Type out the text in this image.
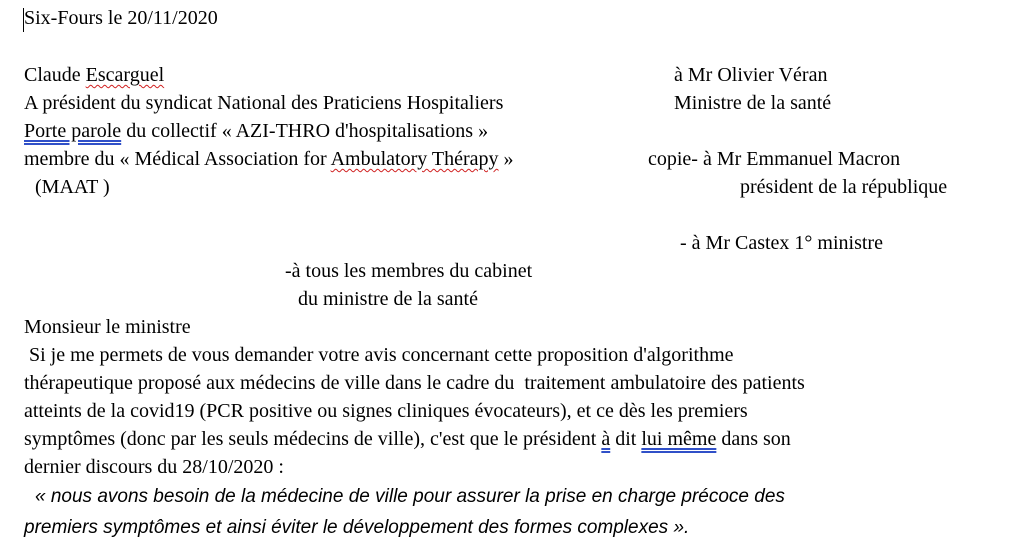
Six-Fours le 20/11/2020
Claude Escarguel
A président du syndicat National des Praticiens Hospitaliers
Porte parole du collectif « AZI-THRO d'hospitalisations »
membre du « Médical Association for Ambulatory Thérapy »
(MAAT )
à Mr Olivier Véran
Ministre de la santé
copie- à Mr Emmanuel Macron
président de la république
- à Mr Castex 1° ministre
-à tous les membres du cabinet
du ministre de la santé
Monsieur le ministre
Si je me permets de vous demander votre avis concernant cette proposition d'algorithme
thérapeutique proposé aux médecins de ville dans le cadre du  traitement ambulatoire des patients
atteints de la covid19 (PCR positive ou signes cliniques évocateurs), et ce dès les premiers
symptômes (donc par les seuls médecins de ville), c'est que le président à dit lui même dans son
dernier discours du 28/10/2020 :
« nous avons besoin de la médecine de ville pour assurer la prise en charge précoce des
premiers symptômes et ainsi éviter le développement des formes complexes ».
